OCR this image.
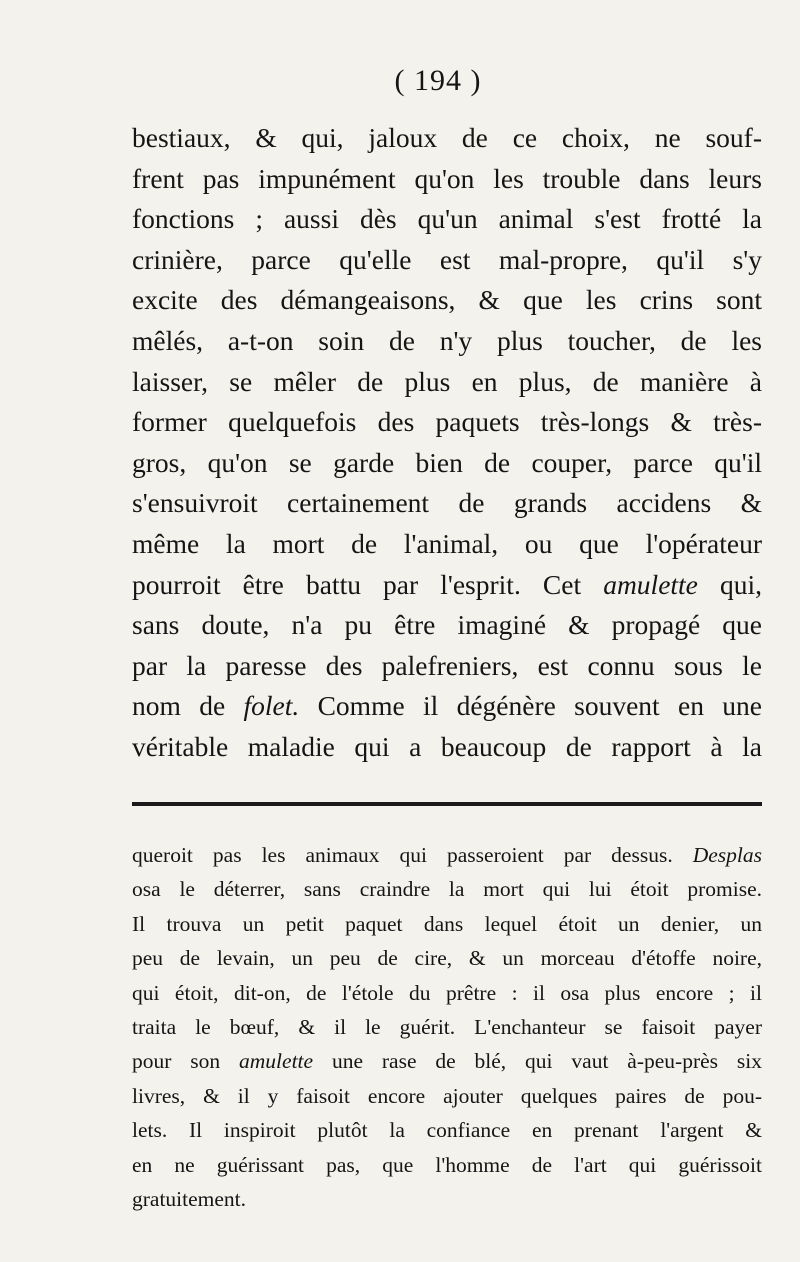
( 194 )
bestiaux, & qui, jaloux de ce choix, ne souf-
frent pas impunément qu'on les trouble dans leurs
fonctions ; aussi dès qu'un animal s'est frotté la
crinière, parce qu'elle est mal-propre, qu'il s'y
excite des démangeaisons, & que les crins sont
mêlés, a-t-on soin de n'y plus toucher, de les
laisser, se mêler de plus en plus, de manière à
former quelquefois des paquets très-longs & très-
gros, qu'on se garde bien de couper, parce qu'il
s'ensuivroit certainement de grands accidens &
même la mort de l'animal, ou que l'opérateur
pourroit être battu par l'esprit. Cet amulette qui,
sans doute, n'a pu être imaginé & propagé que
par la paresse des palefreniers, est connu sous le
nom de folet. Comme il dégénère souvent en une
véritable maladie qui a beaucoup de rapport à la
queroit pas les animaux qui passeroient par dessus. Desplas
osa le déterrer, sans craindre la mort qui lui étoit promise.
Il trouva un petit paquet dans lequel étoit un denier, un
peu de levain, un peu de cire, & un morceau d'étoffe noire,
qui étoit, dit-on, de l'étole du prêtre : il osa plus encore ; il
traita le bœuf, & il le guérit. L'enchanteur se faisoit payer
pour son amulette une rase de blé, qui vaut à-peu-près six
livres, & il y faisoit encore ajouter quelques paires de pou-
lets. Il inspiroit plutôt la confiance en prenant l'argent &
en ne guérissant pas, que l'homme de l'art qui guérissoit
gratuitement.
